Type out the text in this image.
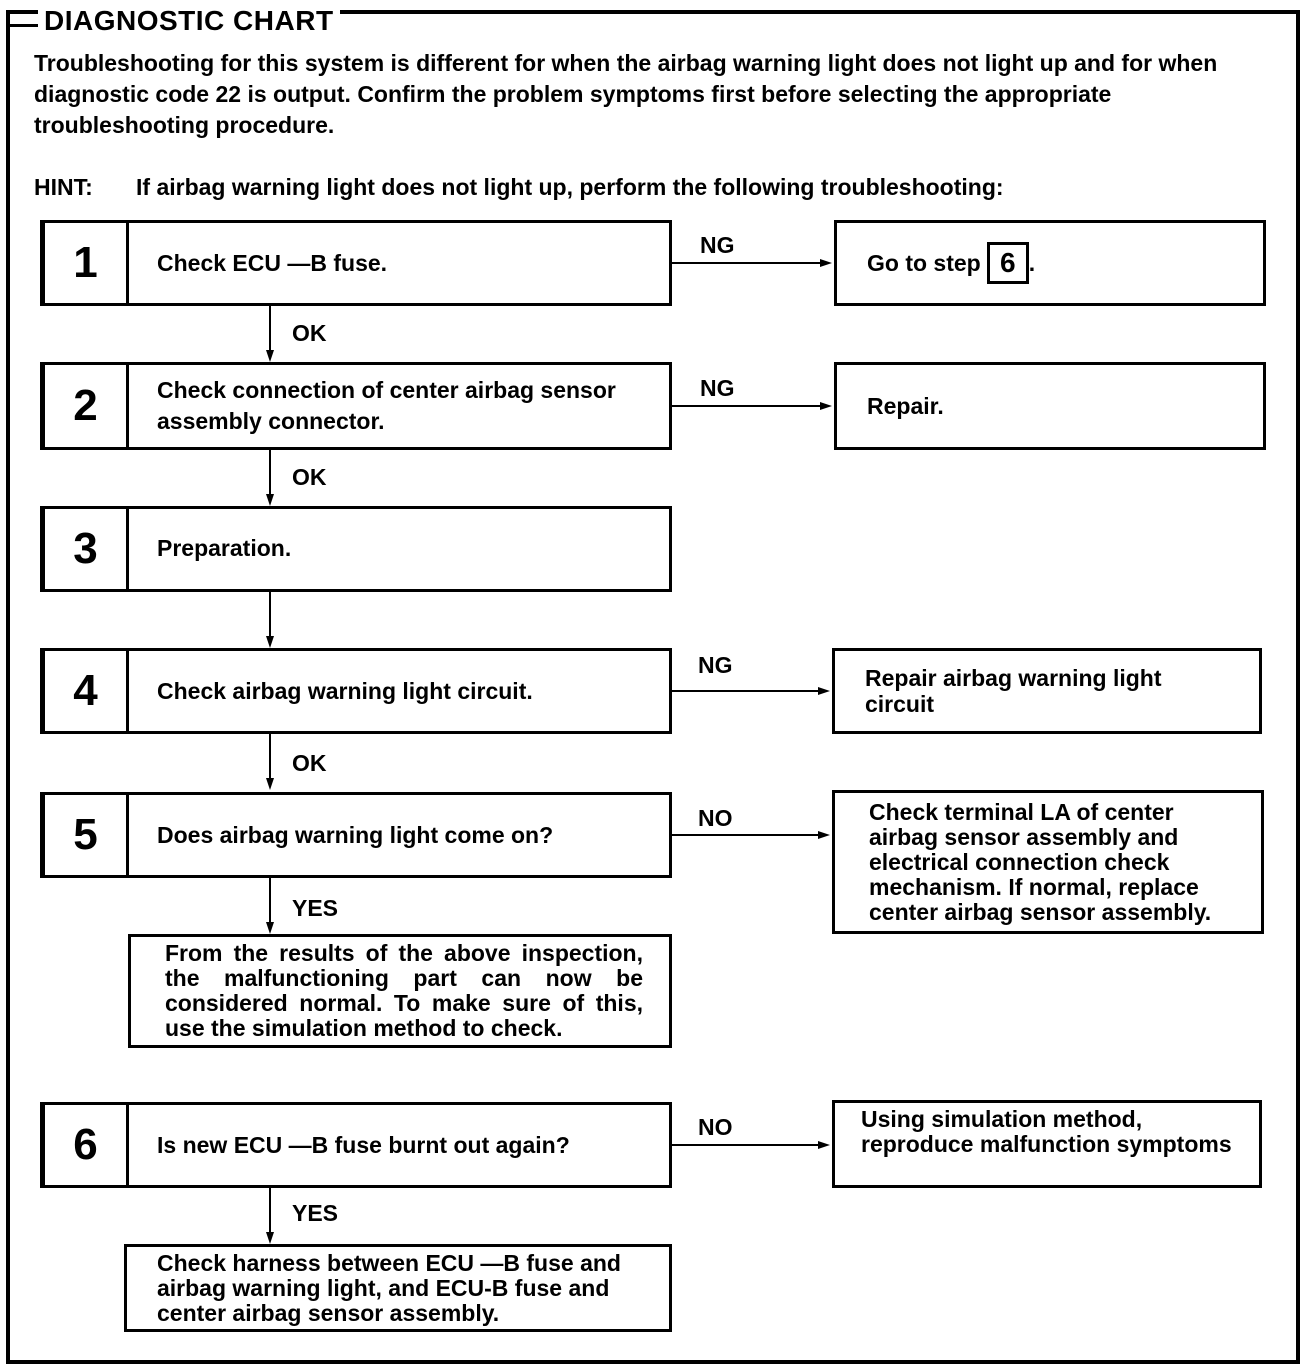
DIAGNOSTIC CHART
Troubleshooting for this system is different for when the airbag warning light does not light up and for when diagnostic code 22 is output. Confirm the problem symptoms first before selecting the appropriate troubleshooting procedure.
HINT: If airbag warning light does not light up, perform the following troubleshooting:
1	Check ECU —B fuse.
NG
Go to step 6 .
OK
2	Check connection of center airbag sensor assembly connector.
NG
Repair.
OK
3	Preparation.
4	Check airbag warning light circuit.
NG	Repair airbag warning light circuit
OK
5	Does airbag warning light come on?
NO	Check terminal LA of center airbag sensor assembly and electrical connection check mechanism. If normal, replace center airbag sensor assembly.
YES
From the results of the above inspection, the malfunctioning part can now be considered normal. To make sure of this, use the simulation method to check.
6	Is new ECU —B fuse burnt out again?
NO	Using simulation method, reproduce malfunction symptoms
YES
Check harness between ECU —B fuse and airbag warning light, and ECU-B fuse and center airbag sensor assembly.
